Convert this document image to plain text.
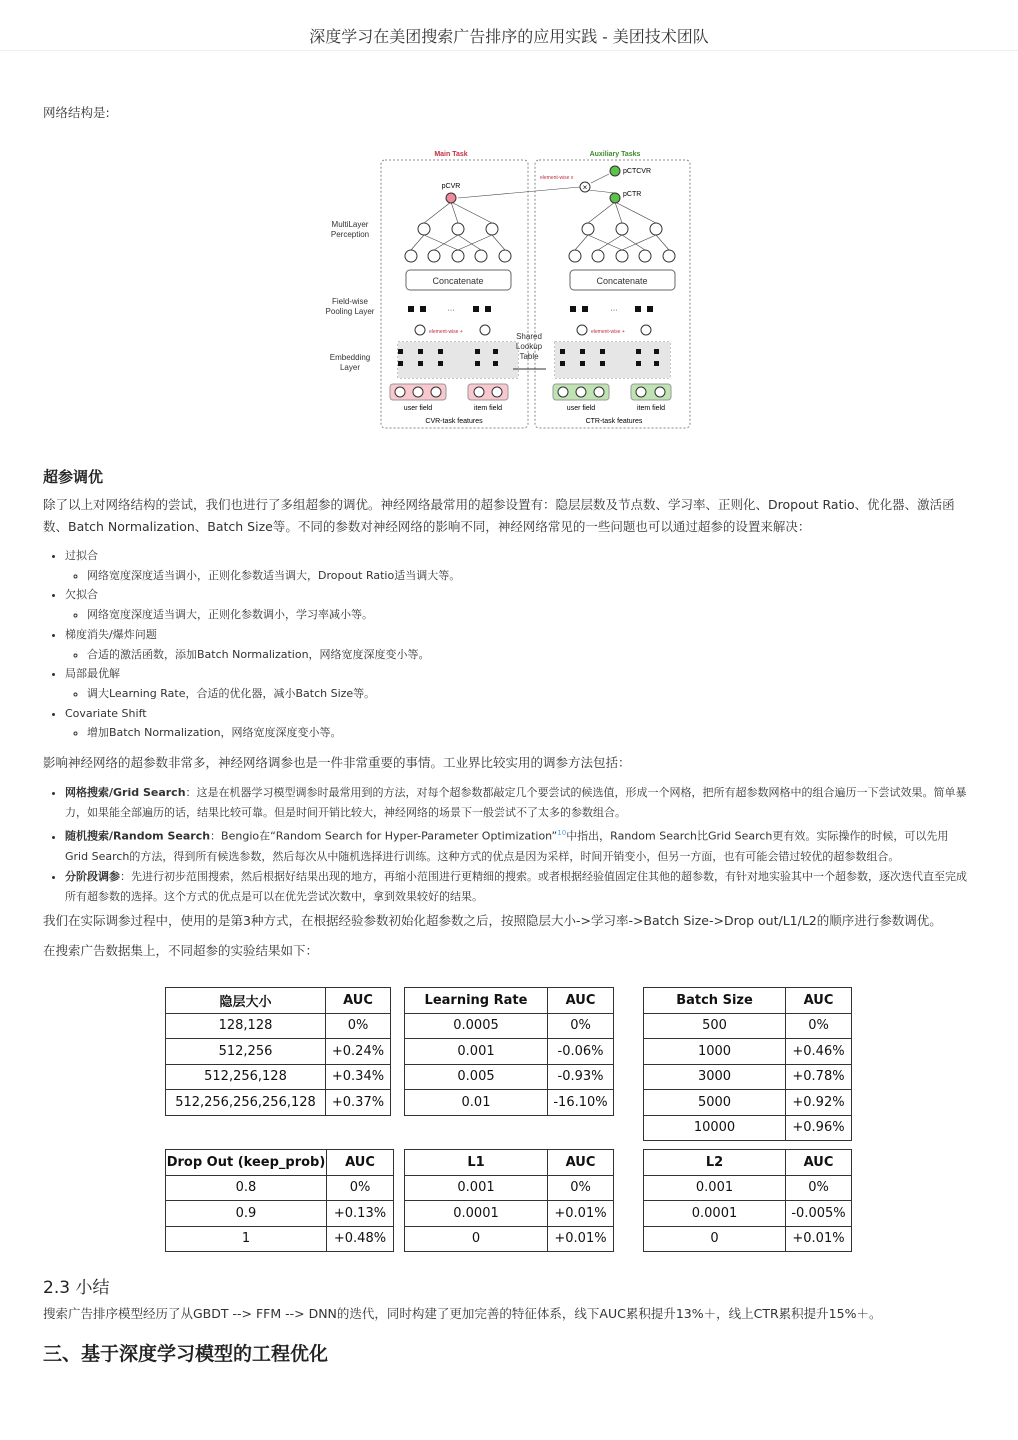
深度学习在美团搜索广告排序的应用实践 - 美团技术团队
网络结构是:
Main Task	Auxiliary Tasks
MultiLayer
Perception
Field-wise
Pooling Layer
Embedding
Layer
Shared
Lookup
Table
Concatenate	Concatenate
×
pCVR
pCTR
pCTCVR
element-wise x
···	···
element-wise +	element-wise +
user field	item field	user field	item field
CVR-task features	CTR-task features
超参调优
除了以上对网络结构的尝试，我们也进行了多组超参的调优。神经网络最常用的超参设置有：隐层层数及节点数、学习率、正则化、Dropout Ratio、优化器、激活函数、Batch Normalization、Batch Size等。不同的参数对神经网络的影响不同，神经网络常见的一些问题也可以通过超参的设置来解决：
• 过拟合
◦ 网络宽度深度适当调小，正则化参数适当调大，Dropout Ratio适当调大等。
• 欠拟合
◦ 网络宽度深度适当调大，正则化参数调小，学习率减小等。
• 梯度消失/爆炸问题
◦ 合适的激活函数，添加Batch Normalization，网络宽度深度变小等。
• 局部最优解
◦ 调大Learning Rate，合适的优化器，减小Batch Size等。
• Covariate Shift
◦ 增加Batch Normalization，网络宽度深度变小等。
影响神经网络的超参数非常多，神经网络调参也是一件非常重要的事情。工业界比较实用的调参方法包括：
• 网格搜索/Grid Search：这是在机器学习模型调参时最常用到的方法，对每个超参数都敲定几个要尝试的候选值，形成一个网格，把所有超参数网格中的组合遍历一下尝试效果。简单暴力，如果能全部遍历的话，结果比较可靠。但是时间开销比较大，神经网络的场景下一般尝试不了太多的参数组合。
• 随机搜索/Random Search：Bengio在“Random Search for Hyper-Parameter Optimization”$^{10}$中指出，Random Search比Grid Search更有效。实际操作的时候，可以先用Grid Search的方法，得到所有候选参数，然后每次从中随机选择进行训练。这种方式的优点是因为采样，时间开销变小，但另一方面，也有可能会错过较优的超参数组合。
• 分阶段调参：先进行初步范围搜索，然后根据好结果出现的地方，再缩小范围进行更精细的搜索。或者根据经验值固定住其他的超参数，有针对地实验其中一个超参数，逐次迭代直至完成所有超参数的选择。这个方式的优点是可以在优先尝试次数中，拿到效果较好的结果。
我们在实际调参过程中，使用的是第3种方式，在根据经验参数初始化超参数之后，按照隐层大小->学习率->Batch Size->Drop out/L1/L2的顺序进行参数调优。
在搜索广告数据集上，不同超参的实验结果如下：
隐层大小	AUC
128,128	0%
512,256	+0.24%
512,256,128	+0.34%
512,256,256,256,128	+0.37%
Learning Rate	AUC
0.0005	0%
0.001	-0.06%
0.005	-0.93%
0.01	-16.10%
Batch Size	AUC
500	0%
1000	+0.46%
3000	+0.78%
5000	+0.92%
10000	+0.96%
Drop Out (keep_prob)	AUC
0.8	0%
0.9	+0.13%
1	+0.48%
L1	AUC
0.001	0%
0.0001	+0.01%
0	+0.01%
L2	AUC
0.001	0%
0.0001	-0.005%
0	+0.01%
2.3 小结
搜索广告排序模型经历了从GBDT --> FFM --> DNN的迭代，同时构建了更加完善的特征体系，线下AUC累积提升13%＋，线上CTR累积提升15%＋。
三、基于深度学习模型的工程优化
